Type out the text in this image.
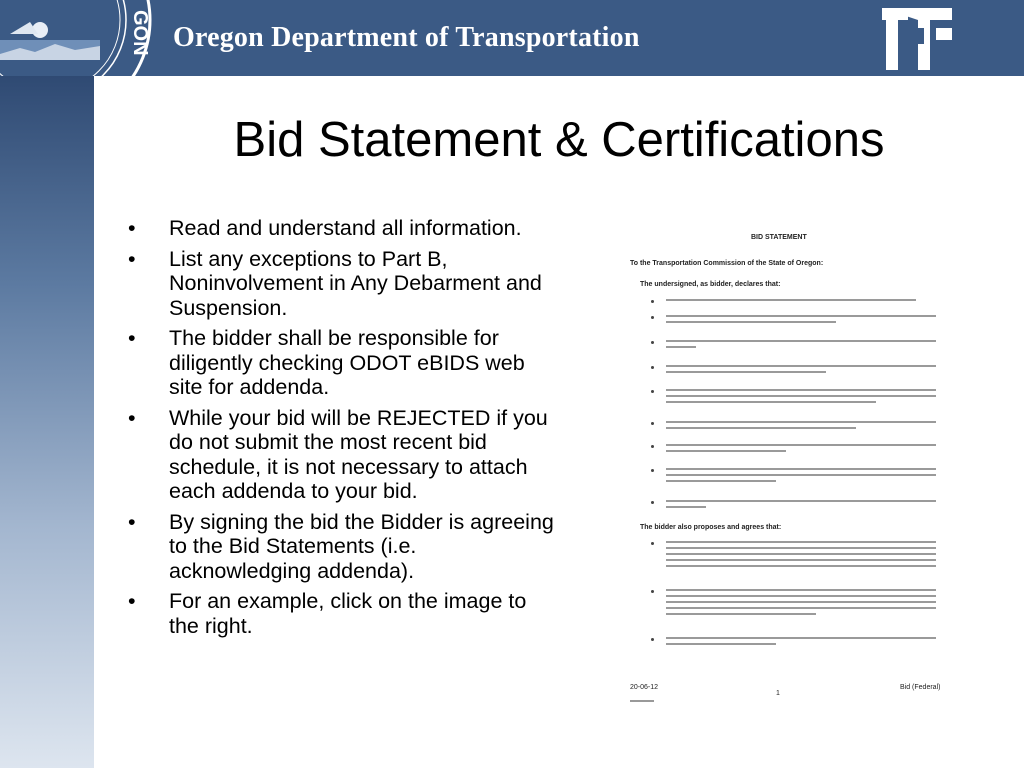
GON Oregon Department of Transportation
Bid Statement & Certifications
• Read and understand all information.
• List any exceptions to Part B, Noninvolvement in Any Debarment and Suspension.
• The bidder shall be responsible for diligently checking ODOT eBIDS web site for addenda.
• While your bid will be REJECTED if you do not submit the most recent bid schedule, it is not necessary to attach each addenda to your bid.
• By signing the bid the Bidder is agreeing to the Bid Statements (i.e. acknowledging addenda).
• For an example, click on the image to the right.
BID STATEMENT
To the Transportation Commission of the State of Oregon:
The undersigned, as bidder, declares that:
The bidder also proposes and agrees that:
20-06-12
1
Bid (Federal)
